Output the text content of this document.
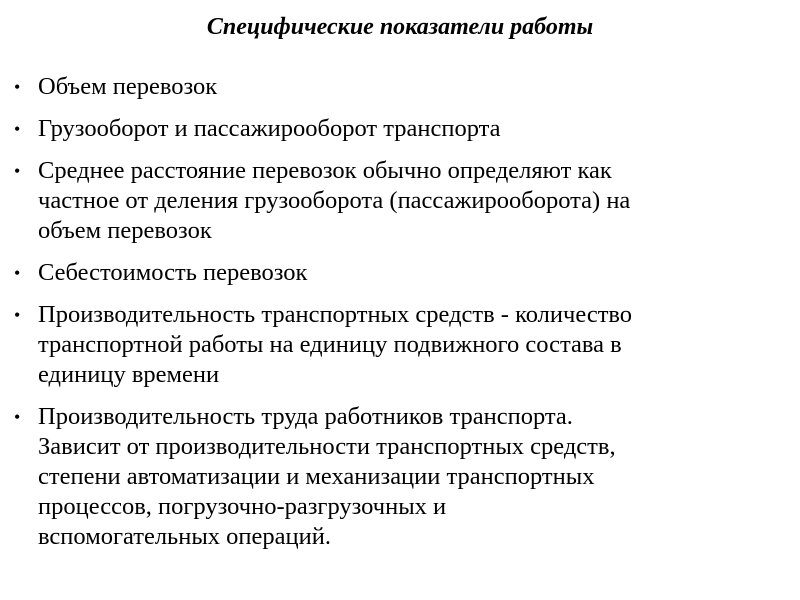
Специфические показатели работы
• Объем перевозок
• Грузооборот и пассажирооборот транспорта
• Среднее расстояние перевозок обычно определяют как
частное от деления грузооборота (пассажирооборота) на
объем перевозок
• Себестоимость перевозок
• Производительность транспортных средств - количество
транспортной работы на единицу подвижного состава в
единицу времени
• Производительность труда работников транспорта.
Зависит от производительности транспортных средств,
степени автоматизации и механизации транспортных
процессов, погрузочно-разгрузочных и
вспомогательных операций.
